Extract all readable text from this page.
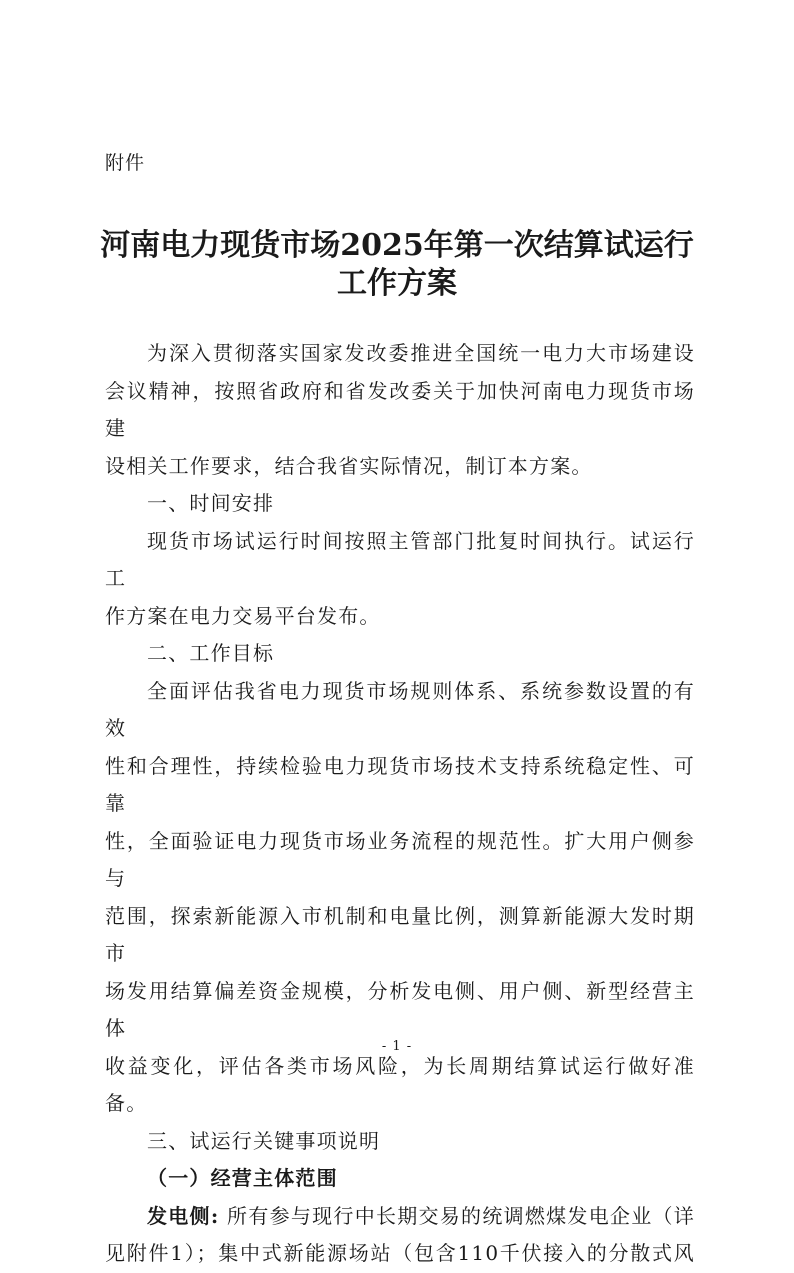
附件
河南电力现货市场2025年第一次结算试运行
工作方案

为深入贯彻落实国家发改委推进全国统一电力大市场建设

会议精神，按照省政府和省发改委关于加快河南电力现货市场建

设相关工作要求，结合我省实际情况，制订本方案。

一、时间安排

现货市场试运行时间按照主管部门批复时间执行。试运行工

作方案在电力交易平台发布。

二、工作目标

全面评估我省电力现货市场规则体系、系统参数设置的有效

性和合理性，持续检验电力现货市场技术支持系统稳定性、可靠

性，全面验证电力现货市场业务流程的规范性。扩大用户侧参与

范围，探索新能源入市机制和电量比例，测算新能源大发时期市

场发用结算偏差资金规模，分析发电侧、用户侧、新型经营主体

收益变化，评估各类市场风险，为长周期结算试运行做好准备。

三、试运行关键事项说明

（一）经营主体范围

发电侧: 所有参与现行中长期交易的统调燃煤发电企业（详

见附件1）；集中式新能源场站（包含110千伏接入的分散式风

- 1 -
